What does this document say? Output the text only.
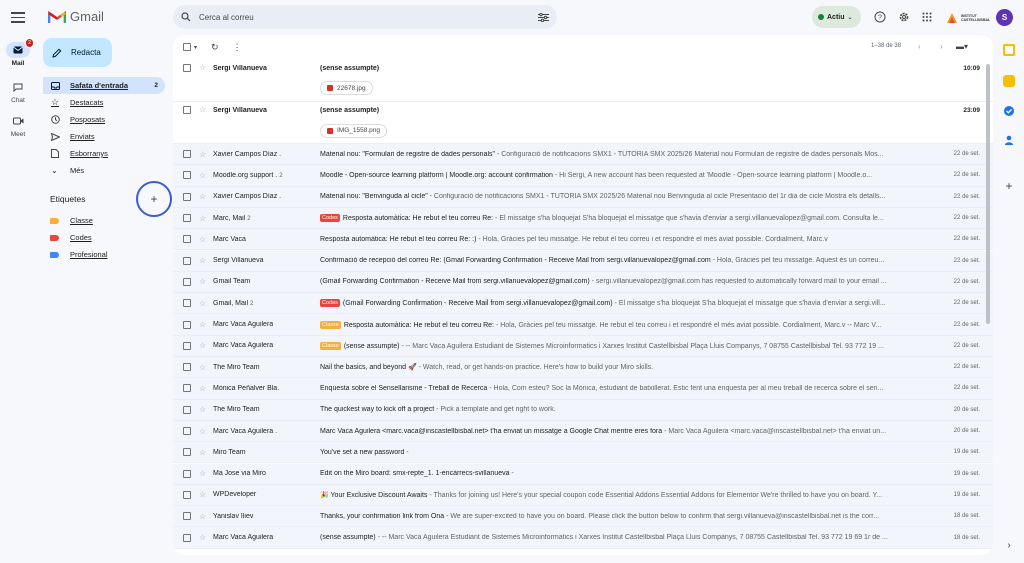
2
Mail
Chat
Meet
Gmail	Cerca al correu	Actiu ⌄	?	INSTITUT CASTELLBISBAL	S
Redacta
Safata d'entrada	2
☆ Destacats
Posposats
Enviats
Esborranys
⌄	Més
Etiquetes	+
Classe
Codes
Profesional
▾ ↻ ⋮	1–38 de 38 ‹ › ▬▾
☆ Sergi Villanueva	(sense assumpte)	10:09
22678.jpg
☆ Sergi Villanueva	(sense assumpte)	23:09
IMG_1558.png
☆ Xavier Campos Díaz .	Material nou: "Formulari de registre de dades personals" - Configuració de notificacions SMX1 - TUTORIA SMX 2025/26 Material nou Formulari de registre de dades personals Mos...	22 de set.
☆ Moodle.org support . 2	Moodle - Open-source learning platform | Moodle.org: account confirmation - Hi Sergi, A new account has been requested at 'Moodle - Open-source learning platform | Moodle.o...	22 de set.
☆ Xavier Campos Díaz .	Material nou: "Benvinguda al cicle" - Configuració de notificacions SMX1 - TUTORIA SMX 2025/26 Material nou Benvinguda al cicle Presentació del 1r dia de cicle Mostra els detalls...	22 de set.
☆ Marc, Mail 2	Codes Resposta automàtica: He rebut el teu correu Re: - El missatge s'ha bloquejat S'ha bloquejat el missatge que s'havia d'enviar a sergi.villanuevalopez@gmail.com. Consulta le...	22 de set.
☆ Marc Vaca	Resposta automàtica: He rebut el teu correu Re: :) - Hola, Gràcies pel teu missatge. He rebut el teu correu i et respondré el més aviat possible. Cordialment, Marc.v	22 de set.
☆ Sergi Villanueva	Confirmació de recepció del correu Re: (Gmail Forwarding Confirmation - Receive Mail from sergi.villanuevalopez@gmail.com - Hola, Gràcies pel teu missatge. Aquest és un correu...	22 de set.
☆ Gmail Team	(Gmail Forwarding Confirmation - Receive Mail from sergi.villanuevalopez@gmail.com) - sergi.villanuevalopez@gmail.com has requested to automatically forward mail to your email ...	22 de set.
☆ Gmail, Mail 2	Codes (Gmail Forwarding Confirmation - Receive Mail from sergi.villanuevalopez@gmail.com) - El missatge s'ha bloquejat S'ha bloquejat el missatge que s'havia d'enviar a sergi.vill...	22 de set.
☆ Marc Vaca Aguilera	Classe Resposta automàtica: He rebut el teu correu Re: - Hola, Gràcies pel teu missatge. He rebut el teu correu i et respondré el més aviat possible. Cordialment, Marc.v -- Marc V...	22 de set.
☆ Marc Vaca Aguilera	Classe (sense assumpte) - -- Marc Vaca Aguilera Estudiant de Sistemes Microinformatics i Xarxes Institut Castellbisbal Plaça Lluis Companys, 7 08755 Castellbisbal Tel. 93 772 19 ...	22 de set.
☆ The Miro Team	Nail the basics, and beyond 🚀 - Watch, read, or get hands-on practice. Here's how to build your Miro skills.	22 de set.
☆ Mònica Peñalver Bla.	Enquesta sobre el Sensellarisme - Treball de Recerca - Hola, Com esteu? Soc la Mònica, estudiant de batxillerat. Estic fent una enquesta per al meu treball de recerca sobre el sen...	22 de set.
☆ The Miro Team	The quickest way to kick off a project - Pick a template and get right to work.	20 de set.
☆ Marc Vaca Aguilera .	Marc Vaca Aguilera <marc.vaca@inscastellbisbal.net> t'ha enviat un missatge a Google Chat mentre eres fora - Marc Vaca Aguilera <marc.vaca@inscastellbisbal.net> t'ha enviat un...	20 de set.
☆ Miro Team	You've set a new password -	19 de set.
☆ Ma Jose via Miro	Edit on the Miro board: smx-repte_1. 1-encàrrecs-svillanueva -	19 de set.
☆ WPDeveloper	🎉 Your Exclusive Discount Awaits - Thanks for joining us! Here's your special coupon code Essential Addons Essential Addons for Elementor We're thrilled to have you on board. Y...	19 de set.
☆ Yanislav Iliev	Thanks, your confirmation link from Ona - We are super-excited to have you on board. Please click the button below to confirm that sergi.villanueva@inscastellbisbal.net is the corr...	18 de set.
☆ Marc Vaca Aguilera	(sense assumpte) - -- Marc Vaca Aguilera Estudiant de Sistemes Microinformatics i Xarxes Institut Castellbisbal Plaça Lluis Companys, 7 08755 Castellbisbal Tel. 93 772 19 69 1r de ...	18 de set.
+
›
